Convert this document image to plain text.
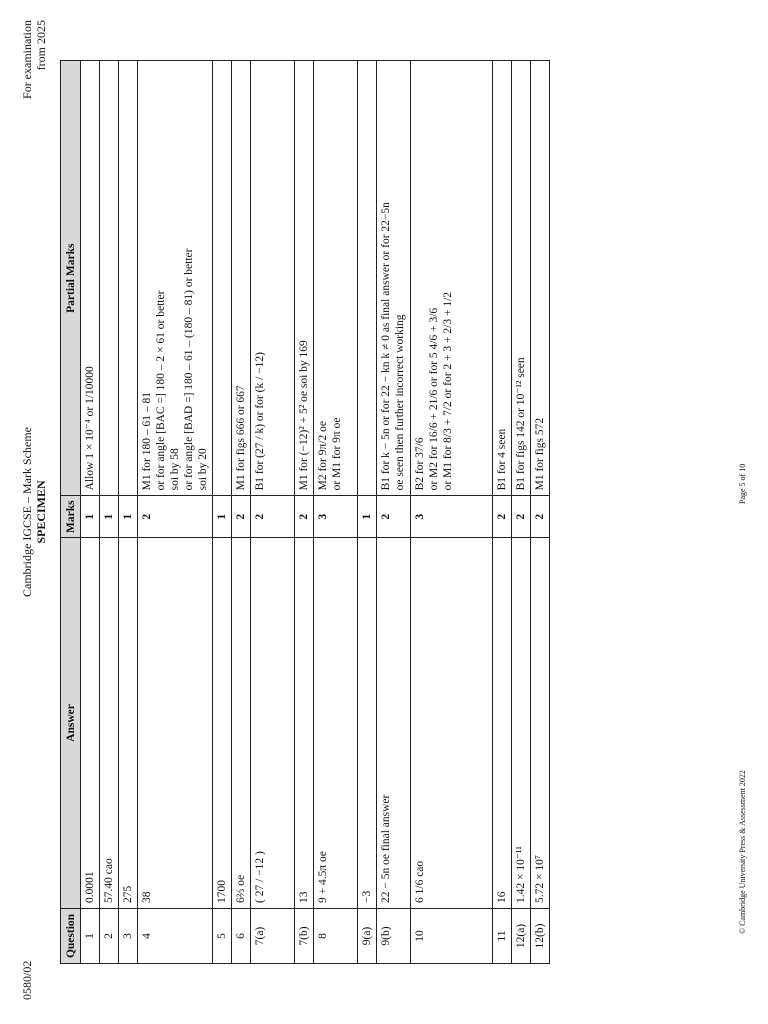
0580/02
Cambridge IGCSE – Mark Scheme SPECIMEN
For examination
from 2025
Question	Answer	Marks	Partial Marks
1	0.0001	1	Allow 1 × 10⁻⁴ or 1/10000

2	57.40 cao	1	
3	275	1	
4	38	2	M1 for 180 – 61 – 81 or for angle [BAC =] 180 – 2 × 61 or better soi by 58 or for angle [BAD =] 180 – 61 – (180 – 81) or better soi by 20

5	1700	1	
6	6⅔ oe	2	M1 for figs 666 or 667

7(a)	( 27 / −12 )	2	B1 for (27 / k) or for (k / −12)

7(b)	13	2	M1 for (−12)² + 5² oe soi by 169

8	9 + 4.5π oe	3	M2 for 9π/2 oe or M1 for 9π oe

9(a)	−3	1	
9(b)	22 − 5n oe final answer	2	B1 for k − 5n or for 22 − kn k ≠ 0 as final answer or for 22−5n oe seen then further incorrect working

10	6 1/6 cao	3	B2 for 37/6 or M2 for 16/6 + 21/6 or for 5 4/6 + 3/6 or M1 for 8/3 + 7/2 or for 2 + 3 + 2/3 + 1/2

11	16	2	B1 for 4 seen

12(a)	1.42 × 10⁻¹¹	2	B1 for figs 142 or 10⁻¹² seen

12(b)	5.72 × 10⁷	2	M1 for figs 572
© Cambridge University Press & Assessment 2022
Page 5 of 10
